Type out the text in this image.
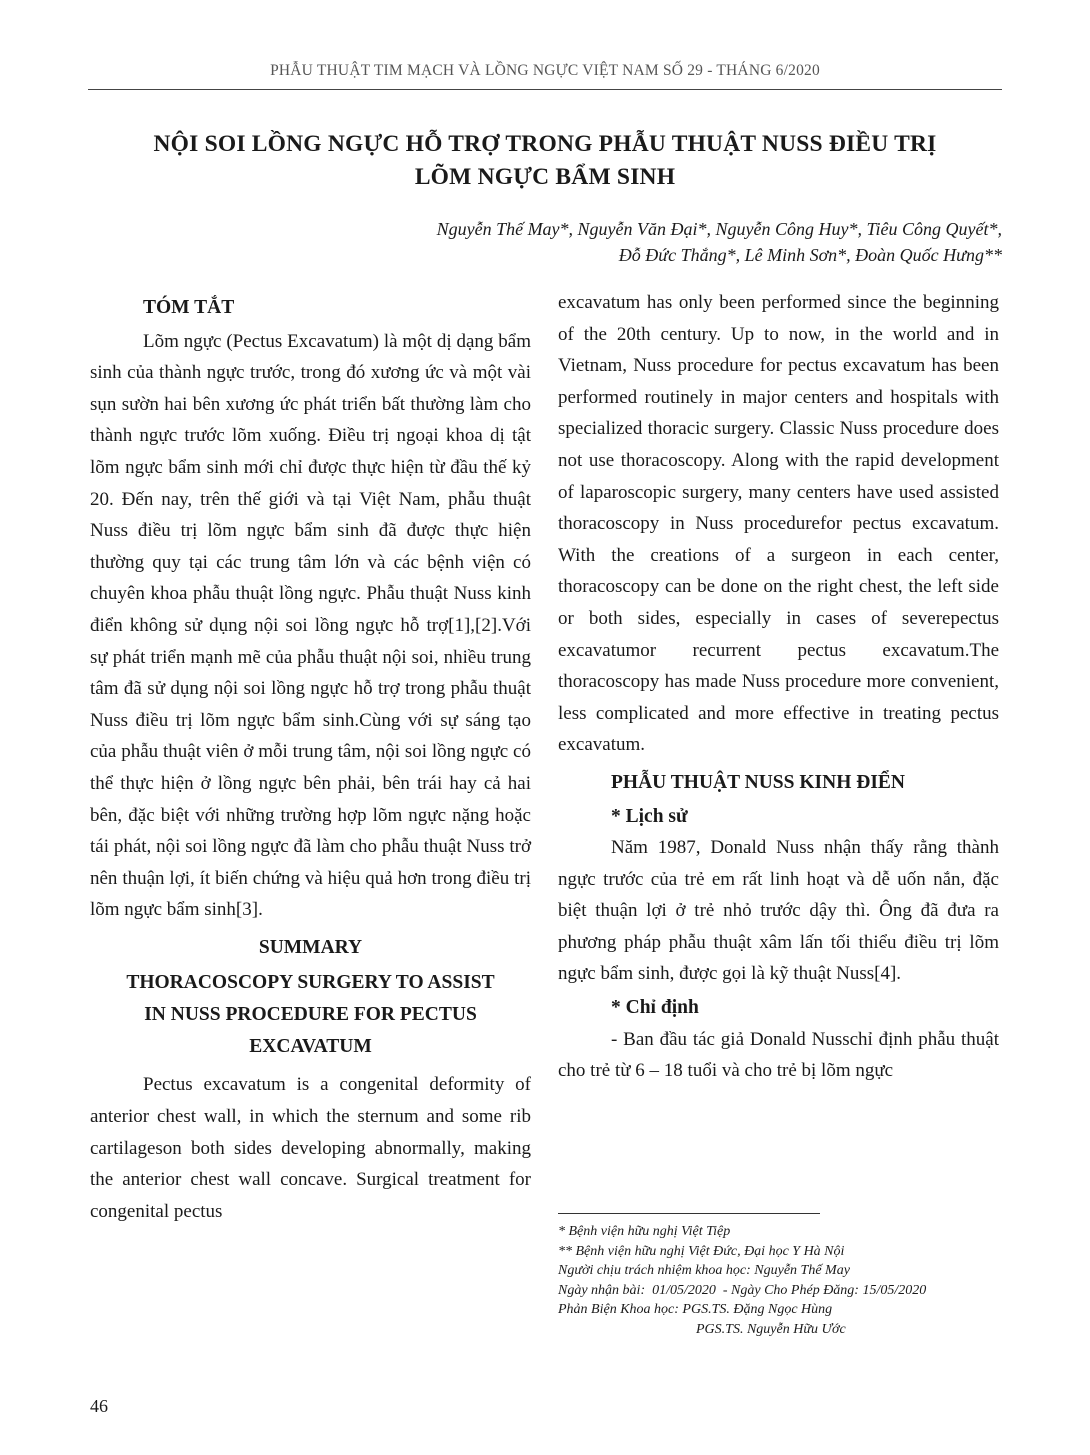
PHẪU THUẬT TIM MẠCH VÀ LỒNG NGỰC VIỆT NAM SỐ 29 - THÁNG 6/2020
NỘI SOI LỒNG NGỰC HỖ TRỢ TRONG PHẪU THUẬT NUSS ĐIỀU TRỊ
LÕM NGỰC BẨM SINH
Nguyễn Thế May*, Nguyễn Văn Đại*, Nguyễn Công Huy*, Tiêu Công Quyết*,
Đỗ Đức Thắng*, Lê Minh Sơn*, Đoàn Quốc Hưng**

TÓM TẮT

Lõm ngực (Pectus Excavatum) là một dị dạng bẩm sinh của thành ngực trước, trong đó xương ức và một vài sụn sườn hai bên xương ức phát triển bất thường làm cho thành ngực trước lõm xuống. Điều trị ngoại khoa dị tật lõm ngực bẩm sinh mới chỉ được thực hiện từ đầu thế kỷ 20. Đến nay, trên thế giới và tại Việt Nam, phẫu thuật Nuss điều trị lõm ngực bẩm sinh đã được thực hiện thường quy tại các trung tâm lớn và các bệnh viện có chuyên khoa phẫu thuật lồng ngực. Phẫu thuật Nuss kinh điển không sử dụng nội soi lồng ngực hỗ trợ[1],[2].Với sự phát triển mạnh mẽ của phẫu thuật nội soi, nhiều trung tâm đã sử dụng nội soi lồng ngực hỗ trợ trong phẫu thuật Nuss điều trị lõm ngực bẩm sinh.Cùng với sự sáng tạo của phẫu thuật viên ở mỗi trung tâm, nội soi lồng ngực có thể thực hiện ở lồng ngực bên phải, bên trái hay cả hai bên, đặc biệt với những trường hợp lõm ngực nặng hoặc tái phát, nội soi lồng ngực đã làm cho phẫu thuật Nuss trở nên thuận lợi, ít biến chứng và hiệu quả hơn trong điều trị lõm ngực bẩm sinh[3].

SUMMARY

THORACOSCOPY SURGERY TO ASSIST
IN NUSS PROCEDURE FOR PECTUS
EXCAVATUM

Pectus excavatum is a congenital deformity of anterior chest wall, in which the sternum and some rib cartilageson both sides developing abnormally, making the anterior chest wall concave. Surgical treatment for congenital pectus

excavatum has only been performed since the beginning of the 20th century. Up to now, in the world and in Vietnam, Nuss procedure for pectus excavatum has been performed routinely in major centers and hospitals with specialized thoracic surgery. Classic Nuss procedure does not use thoracoscopy. Along with the rapid development of laparoscopic surgery, many centers have used assisted thoracoscopy in Nuss procedurefor pectus excavatum. With the creations of a surgeon in each center, thoracoscopy can be done on the right chest, the left side or both sides, especially in cases of severepectus excavatumor recurrent pectus excavatum.The thoracoscopy has made Nuss procedure more convenient, less complicated and more effective in treating pectus excavatum.

PHẪU THUẬT NUSS KINH ĐIỂN

* Lịch sử

Năm 1987, Donald Nuss nhận thấy rằng thành ngực trước của trẻ em rất linh hoạt và dễ uốn nắn, đặc biệt thuận lợi ở trẻ nhỏ trước dậy thì. Ông đã đưa ra phương pháp phẫu thuật xâm lấn tối thiểu điều trị lõm ngực bẩm sinh, được gọi là kỹ thuật Nuss[4].

* Chỉ định

- Ban đầu tác giả Donald Nusschỉ định phẫu thuật cho trẻ từ 6 – 18 tuổi và cho trẻ bị lõm ngực

* Bệnh viện hữu nghị Việt Tiệp
** Bệnh viện hữu nghị Việt Đức, Đại học Y Hà Nội
Người chịu trách nhiệm khoa học: Nguyễn Thế May
Ngày nhận bài:  01/05/2020  - Ngày Cho Phép Đăng: 15/05/2020
Phản Biện Khoa học: PGS.TS. Đặng Ngọc Hùng
PGS.TS. Nguyễn Hữu Ước
46
